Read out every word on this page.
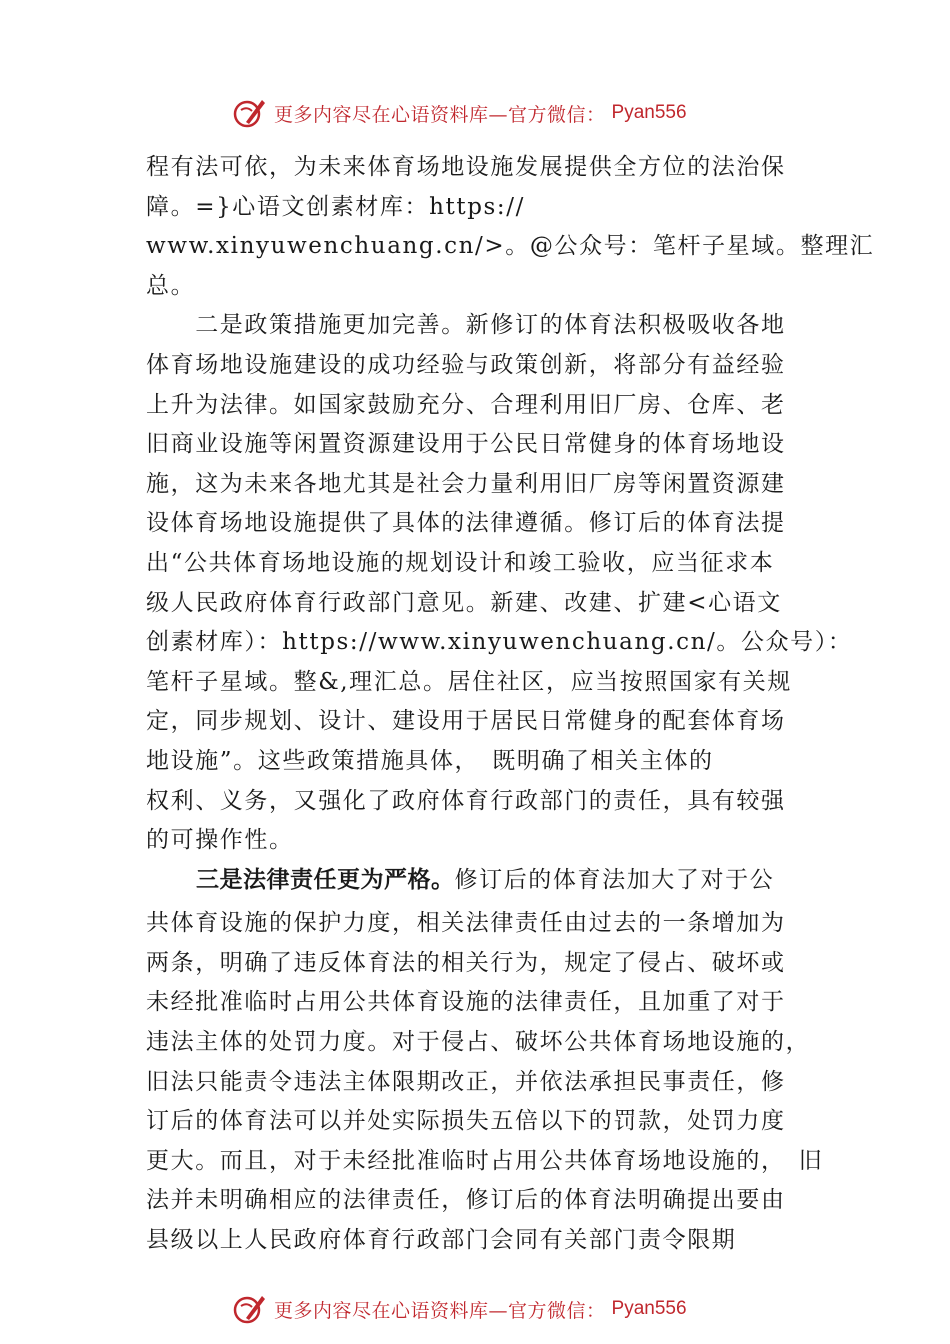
更多内容尽在心语资料库—官方微信： Pyan556
程有法可依，为未来体育场地设施发展提供全方位的法治保
障。=}心语文创素材库：https://
www.xinyuwenchuang.cn/>。@公众号：笔杆子星域。整理汇
总。
　　二是政策措施更加完善。新修订的体育法积极吸收各地
体育场地设施建设的成功经验与政策创新，将部分有益经验
上升为法律。如国家鼓励充分、合理利用旧厂房、仓库、老
旧商业设施等闲置资源建设用于公民日常健身的体育场地设
施，这为未来各地尤其是社会力量利用旧厂房等闲置资源建
设体育场地设施提供了具体的法律遵循。修订后的体育法提
出“公共体育场地设施的规划设计和竣工验收，应当征求本
级人民政府体育行政部门意见。新建、改建、扩建<心语文
创素材库）：https://www.xinyuwenchuang.cn/。公众号）：
笔杆子星域。整&,理汇总。居住社区，应当按照国家有关规
定，同步规划、设计、建设用于居民日常健身的配套体育场
地设施”。这些政策措施具体，　既明确了相关主体的
权利、义务，又强化了政府体育行政部门的责任，具有较强
的可操作性。
三是法律责任更为严格。修订后的体育法加大了对于公
共体育设施的保护力度，相关法律责任由过去的一条增加为
两条，明确了违反体育法的相关行为，规定了侵占、破坏或
未经批准临时占用公共体育设施的法律责任，且加重了对于
违法主体的处罚力度。对于侵占、破坏公共体育场地设施的，
旧法只能责令违法主体限期改正，并依法承担民事责任，修
订后的体育法可以并处实际损失五倍以下的罚款，处罚力度
更大。而且，对于未经批准临时占用公共体育场地设施的，　旧
法并未明确相应的法律责任，修订后的体育法明确提出要由
县级以上人民政府体育行政部门会同有关部门责令限期
更多内容尽在心语资料库—官方微信： Pyan556
